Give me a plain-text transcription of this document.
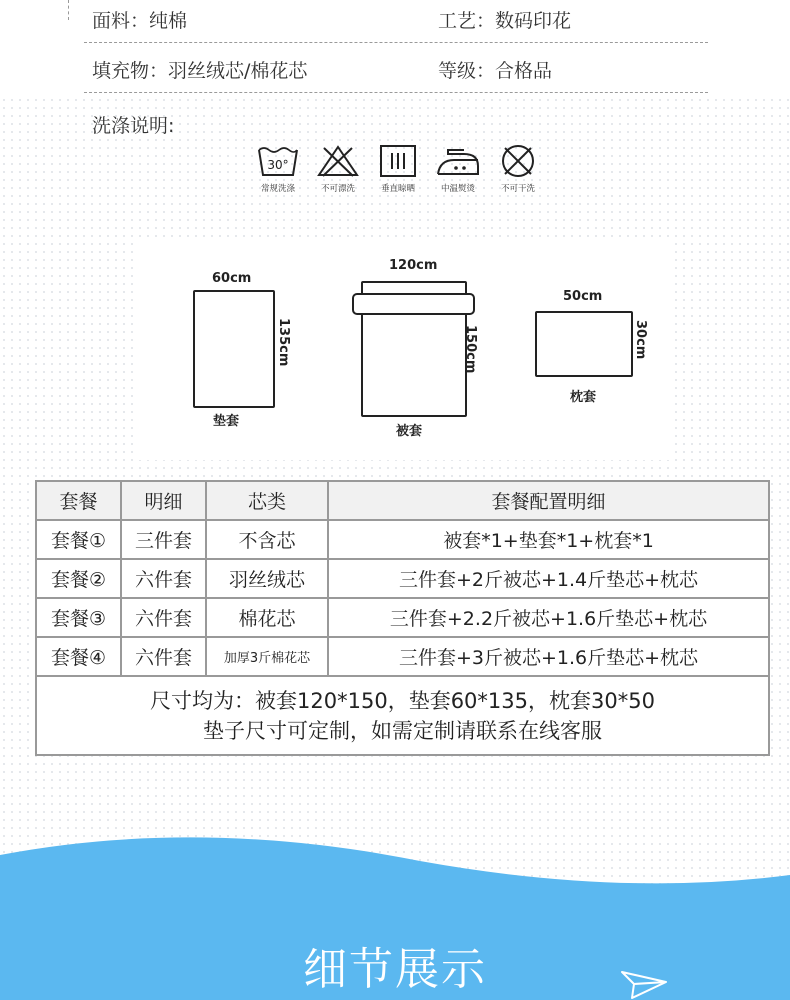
面料：纯棉	工艺：数码印花
填充物：羽丝绒芯/棉花芯	等级：合格品
洗涤说明:
30°
常规洗涤	不可漂洗	垂直晾晒	中温熨烫	不可干洗
60cm
135cm
垫套
120cm
150cm
被套
50cm
30cm
枕套
套餐	明细	芯类	套餐配置明细
套餐①	三件套	不含芯	被套*1+垫套*1+枕套*1
套餐②	六件套	羽丝绒芯	三件套+2斤被芯+1.4斤垫芯+枕芯
套餐③	六件套	棉花芯	三件套+2.2斤被芯+1.6斤垫芯+枕芯
套餐④	六件套	加厚3斤棉花芯	三件套+3斤被芯+1.6斤垫芯+枕芯

尺寸均为：被套120*150，垫套60*135，枕套30*50
垫子尺寸可定制，如需定制请联系在线客服			
细节展示
